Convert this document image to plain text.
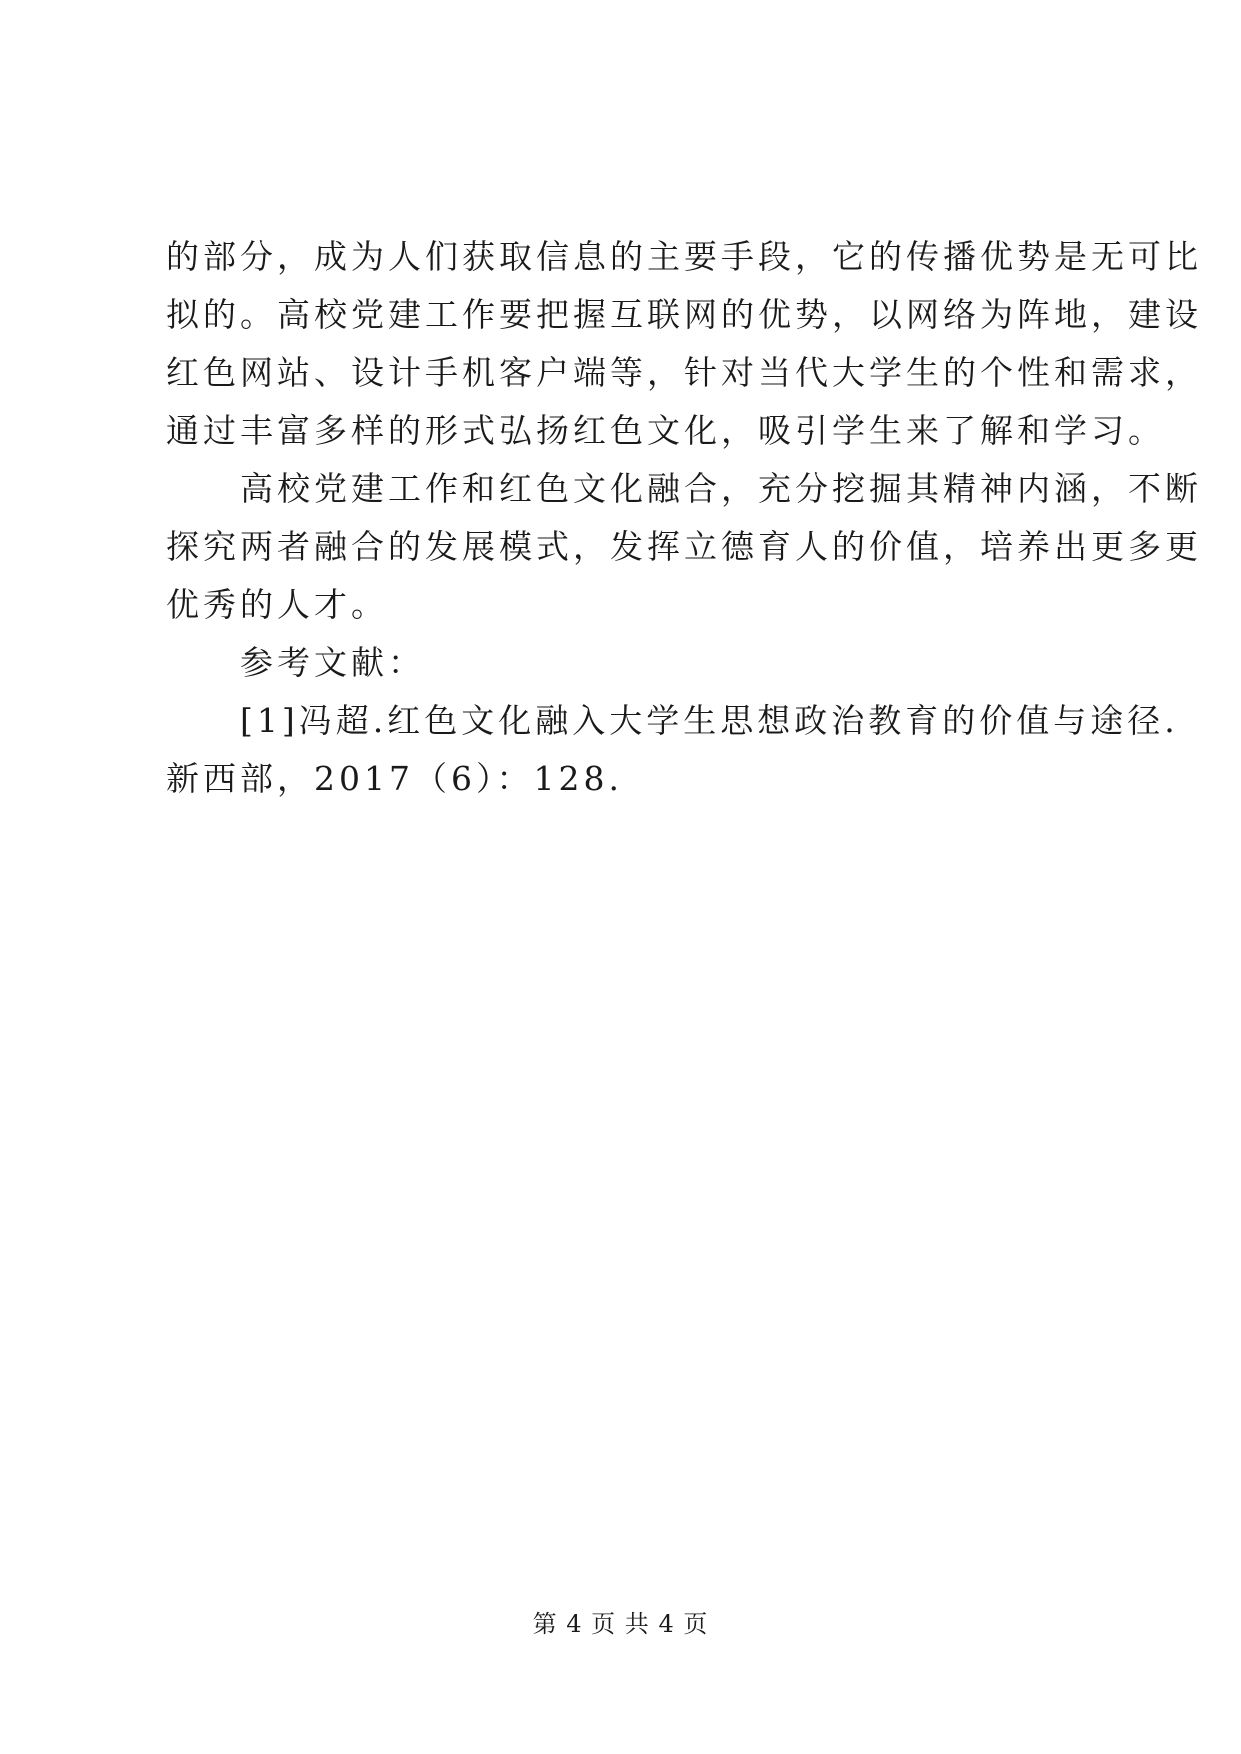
的部分，成为人们获取信息的主要手段，它的传播优势是无可比
拟的。高校党建工作要把握互联网的优势，以网络为阵地，建设
红色网站、设计手机客户端等，针对当代大学生的个性和需求，
通过丰富多样的形式弘扬红色文化，吸引学生来了解和学习。
　　高校党建工作和红色文化融合，充分挖掘其精神内涵，不断
探究两者融合的发展模式，发挥立德育人的价值，培养出更多更
优秀的人才。
　　参考文献：
　　[1]冯超.红色文化融入大学生思想政治教育的价值与途径.
新西部，2017（6）：128.
第 4 页 共 4 页
